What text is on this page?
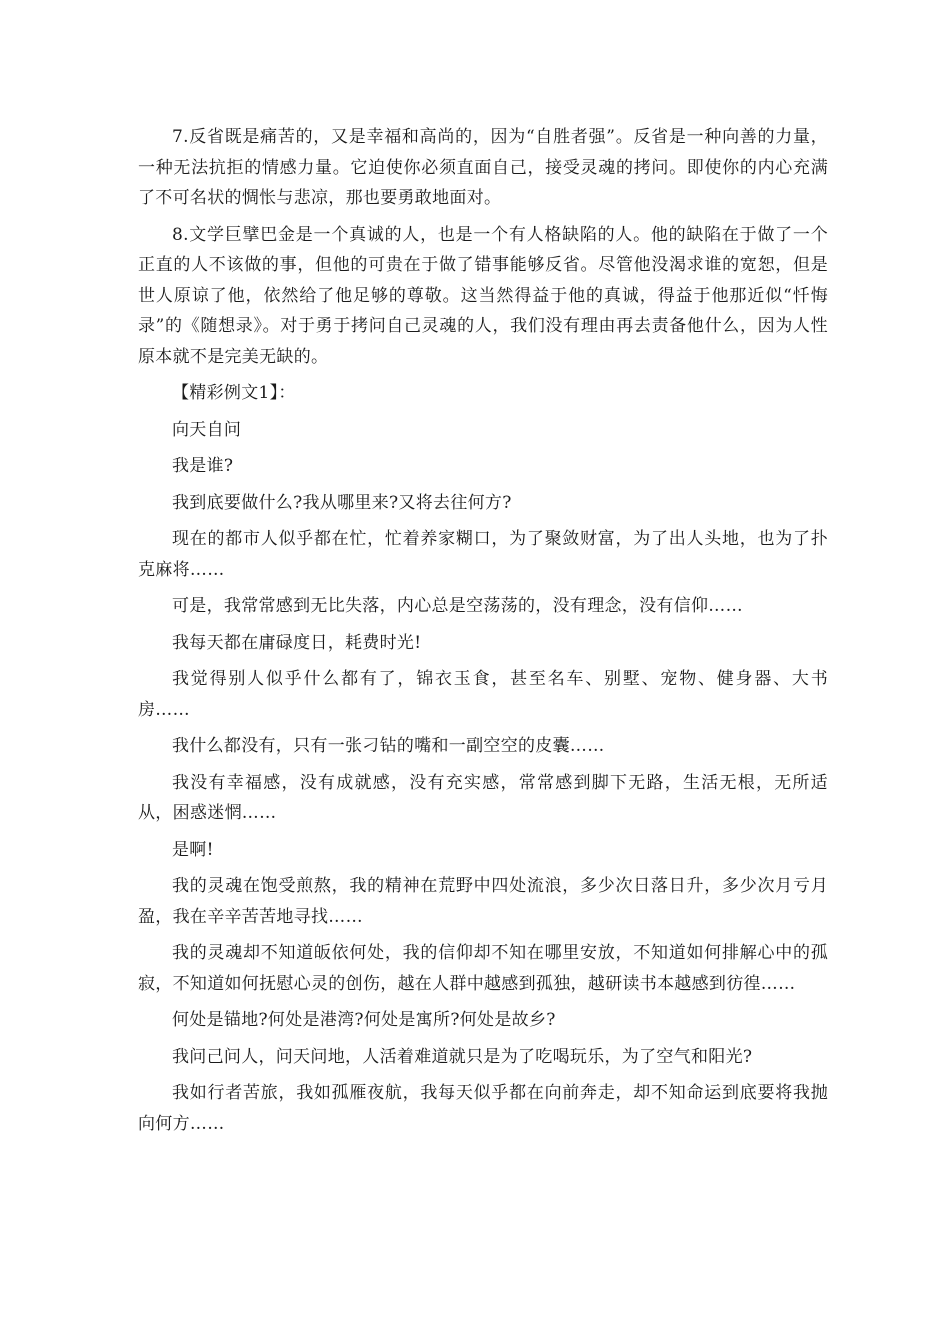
7.反省既是痛苦的，又是幸福和高尚的，因为“自胜者强”。反省是一种向善的力量，一种无法抗拒的情感力量。它迫使你必须直面自己，接受灵魂的拷问。即使你的内心充满了不可名状的惆怅与悲凉，那也要勇敢地面对。

8.文学巨擘巴金是一个真诚的人，也是一个有人格缺陷的人。他的缺陷在于做了一个正直的人不该做的事，但他的可贵在于做了错事能够反省。尽管他没渴求谁的宽恕，但是世人原谅了他，依然给了他足够的尊敬。这当然得益于他的真诚，得益于他那近似“忏悔录”的《随想录》。对于勇于拷问自己灵魂的人，我们没有理由再去责备他什么，因为人性原本就不是完美无缺的。

【精彩例文1】：

向天自问

我是谁?

我到底要做什么?我从哪里来?又将去往何方?

现在的都市人似乎都在忙，忙着养家糊口，为了聚敛财富，为了出人头地，也为了扑克麻将……

可是，我常常感到无比失落，内心总是空荡荡的，没有理念，没有信仰……

我每天都在庸碌度日，耗费时光!

我觉得别人似乎什么都有了，锦衣玉食，甚至名车、别墅、宠物、健身器、大书房……

我什么都没有，只有一张刁钻的嘴和一副空空的皮囊……

我没有幸福感，没有成就感，没有充实感，常常感到脚下无路，生活无根，无所适从，困惑迷惘……

是啊!

我的灵魂在饱受煎熬，我的精神在荒野中四处流浪，多少次日落日升，多少次月亏月盈，我在辛辛苦苦地寻找……

我的灵魂却不知道皈依何处，我的信仰却不知在哪里安放，不知道如何排解心中的孤寂，不知道如何抚慰心灵的创伤，越在人群中越感到孤独，越研读书本越感到彷徨……

何处是锚地?何处是港湾?何处是寓所?何处是故乡?

我问己问人，问天问地，人活着难道就只是为了吃喝玩乐，为了空气和阳光?

我如行者苦旅，我如孤雁夜航，我每天似乎都在向前奔走，却不知命运到底要将我抛向何方……
